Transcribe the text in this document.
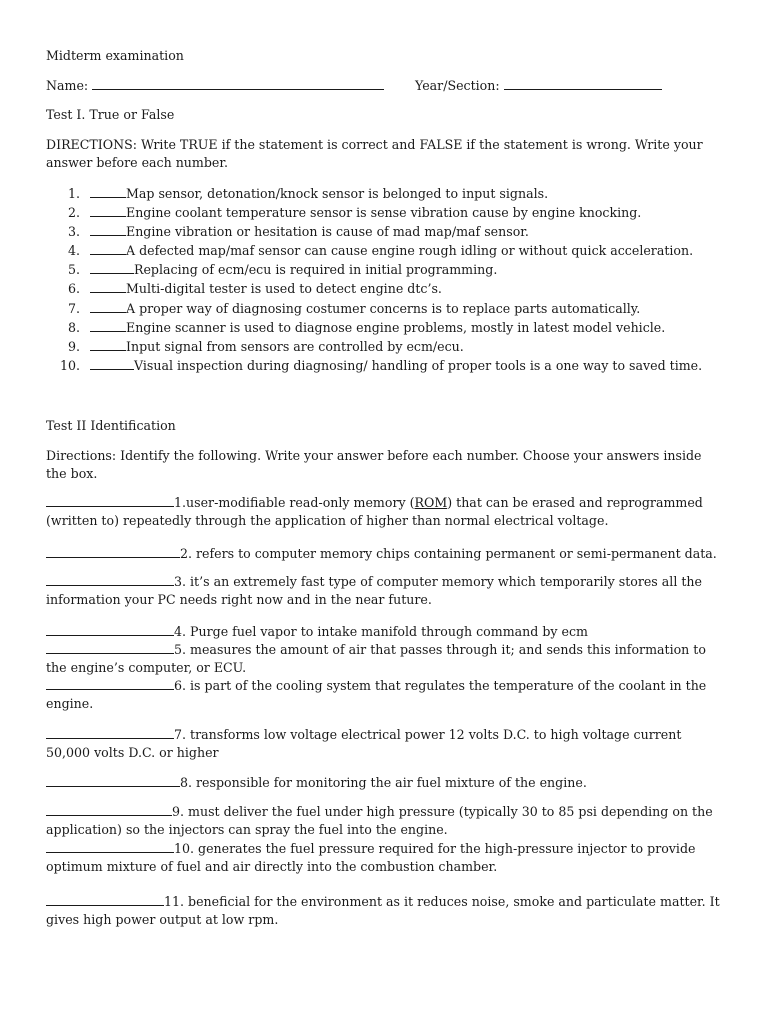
Midterm examination
Name:	Year/Section:
Test I. True or False
DIRECTIONS: Write TRUE if the statement is correct and FALSE if the statement is wrong. Write your answer before each number.
1.	Map sensor, detonation/knock sensor is belonged to input signals.
2.	Engine coolant temperature sensor is sense vibration cause by engine knocking.
3.	Engine vibration or hesitation is cause of mad map/maf sensor.
4.	A defected map/maf sensor can cause engine rough idling or without quick acceleration.
5.	Replacing of ecm/ecu is required in initial programming.
6.	Multi-digital tester is used to detect engine dtc’s.
7.	A proper way of diagnosing costumer concerns is to replace parts automatically.
8.	Engine scanner is used to diagnose engine problems, mostly in latest model vehicle.
9.	Input signal from sensors are controlled by ecm/ecu.
10.	Visual inspection during diagnosing/ handling of proper tools is a one way to saved time.
Test II Identification
Directions: Identify the following. Write your answer before each number. Choose your answers inside the box.
1.user-modifiable read-only memory (ROM) that can be erased and reprogrammed (written to) repeatedly through the application of higher than normal electrical voltage.
2. refers to computer memory chips containing permanent or semi-permanent data.
3. it’s an extremely fast type of computer memory which temporarily stores all the information your PC needs right now and in the near future.
4. Purge fuel vapor to intake manifold through command by ecm
5. measures the amount of air that passes through it; and sends this information to the engine’s computer, or ECU.
6. is part of the cooling system that regulates the temperature of the coolant in the engine.
7. transforms low voltage electrical power 12 volts D.C. to high voltage current 50,000 volts D.C. or higher
8. responsible for monitoring the air fuel mixture of the engine.
9. must deliver the fuel under high pressure (typically 30 to 85 psi depending on the application) so the injectors can spray the fuel into the engine.
10. generates the fuel pressure required for the high-pressure injector to provide optimum mixture of fuel and air directly into the combustion chamber.
11. beneficial for the environment as it reduces noise, smoke and particulate matter. It gives high power output at low rpm.
